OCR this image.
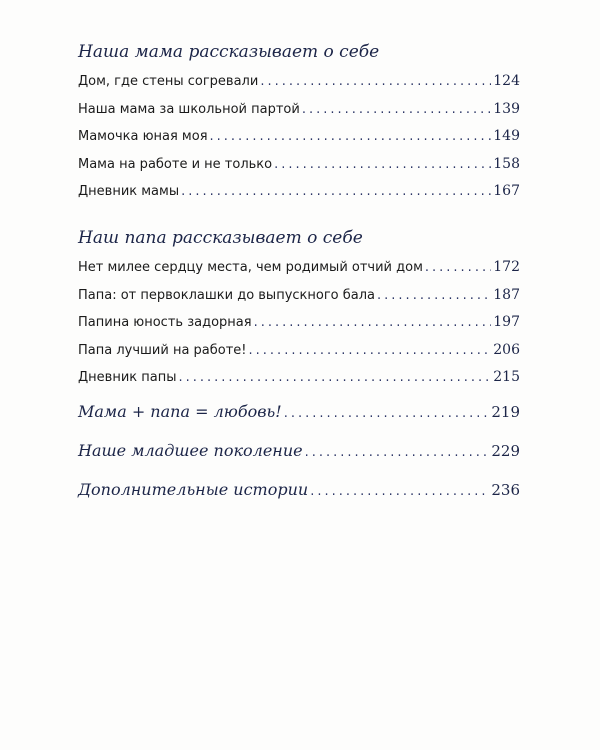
Наша мама рассказывает о себе
Дом, где стены согревали .....	124
Наша мама за школьной партой .....	139
Мамочка юная моя .....	149
Мама на работе и не только .....	158
Дневник мамы .....	167
Наш папа рассказывает о себе
Нет милее сердцу места, чем родимый отчий дом .....	172
Папа: от первоклашки до выпускного бала .....	187
Папина юность задорная .....	197
Папа лучший на работе! .....	206
Дневник папы .....	215
Мама + папа = любовь! .....	219
Наше младшее поколение .....	229
Дополнительные истории .....	236
